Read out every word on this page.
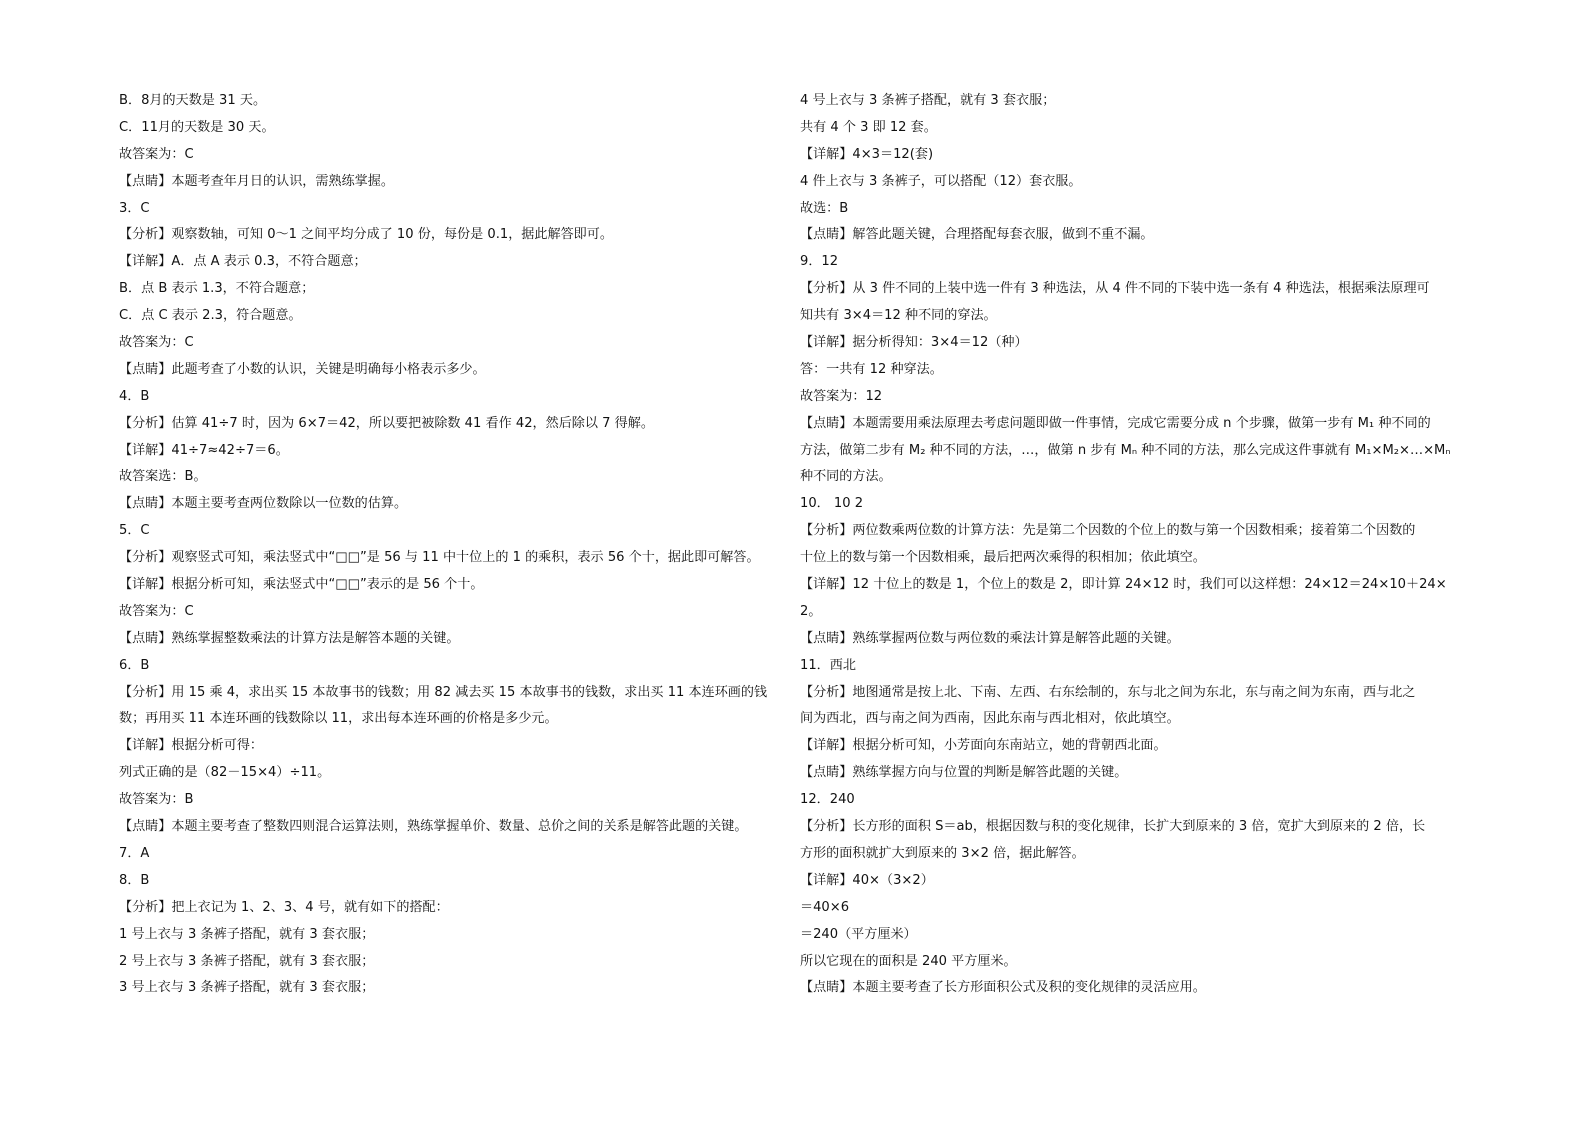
B．8月的天数是 31 天。
C．11月的天数是 30 天。
故答案为：C
【点睛】本题考查年月日的认识，需熟练掌握。
3．C
【分析】观察数轴，可知 0～1 之间平均分成了 10 份，每份是 0.1，据此解答即可。
【详解】A．点 A 表示 0.3，不符合题意；
B．点 B 表示 1.3，不符合题意；
C．点 C 表示 2.3，符合题意。
故答案为：C
【点睛】此题考查了小数的认识，关键是明确每小格表示多少。
4．B
【分析】估算 41÷7 时，因为 6×7＝42，所以要把被除数 41 看作 42，然后除以 7 得解。
【详解】41÷7≈42÷7＝6。
故答案选：B。
【点睛】本题主要考查两位数除以一位数的估算。
5．C
【分析】观察竖式可知，乘法竖式中“□□”是 56 与 11 中十位上的 1 的乘积，表示 56 个十，据此即可解答。
【详解】根据分析可知，乘法竖式中“□□”表示的是 56 个十。
故答案为：C
【点睛】熟练掌握整数乘法的计算方法是解答本题的关键。
6．B
【分析】用 15 乘 4，求出买 15 本故事书的钱数；用 82 减去买 15 本故事书的钱数，求出买 11 本连环画的钱
数；再用买 11 本连环画的钱数除以 11，求出每本连环画的价格是多少元。
【详解】根据分析可得：
列式正确的是（82－15×4）÷11。
故答案为：B
【点睛】本题主要考查了整数四则混合运算法则，熟练掌握单价、数量、总价之间的关系是解答此题的关键。
7．A
8．B
【分析】把上衣记为 1、2、3、4 号，就有如下的搭配：
1 号上衣与 3 条裤子搭配，就有 3 套衣服；
2 号上衣与 3 条裤子搭配，就有 3 套衣服；
3 号上衣与 3 条裤子搭配，就有 3 套衣服；
4 号上衣与 3 条裤子搭配，就有 3 套衣服；
共有 4 个 3 即 12 套。
【详解】4×3＝12(套)
4 件上衣与 3 条裤子，可以搭配（12）套衣服。
故选：B
【点睛】解答此题关键，合理搭配每套衣服，做到不重不漏。
9．12
【分析】从 3 件不同的上装中选一件有 3 种选法，从 4 件不同的下装中选一条有 4 种选法，根据乘法原理可
知共有 3×4＝12 种不同的穿法。
【详解】据分析得知：3×4＝12（种）
答：一共有 12 种穿法。
故答案为：12
【点睛】本题需要用乘法原理去考虑问题即做一件事情，完成它需要分成 n 个步骤，做第一步有 M₁ 种不同的
方法，做第二步有 M₂ 种不同的方法，…，做第 n 步有 Mₙ 种不同的方法，那么完成这件事就有 M₁×M₂×…×Mₙ
种不同的方法。
10． 10 2
【分析】两位数乘两位数的计算方法：先是第二个因数的个位上的数与第一个因数相乘；接着第二个因数的
十位上的数与第一个因数相乘，最后把两次乘得的积相加；依此填空。
【详解】12 十位上的数是 1，个位上的数是 2，即计算 24×12 时，我们可以这样想：24×12＝24×10＋24×
2。
【点睛】熟练掌握两位数与两位数的乘法计算是解答此题的关键。
11．西北
【分析】地图通常是按上北、下南、左西、右东绘制的，东与北之间为东北，东与南之间为东南，西与北之
间为西北，西与南之间为西南，因此东南与西北相对，依此填空。
【详解】根据分析可知，小芳面向东南站立，她的背朝西北面。
【点睛】熟练掌握方向与位置的判断是解答此题的关键。
12．240
【分析】长方形的面积 S＝ab，根据因数与积的变化规律，长扩大到原来的 3 倍，宽扩大到原来的 2 倍，长
方形的面积就扩大到原来的 3×2 倍，据此解答。
【详解】40×（3×2）
＝40×6
＝240（平方厘米）
所以它现在的面积是 240 平方厘米。
【点睛】本题主要考查了长方形面积公式及积的变化规律的灵活应用。
